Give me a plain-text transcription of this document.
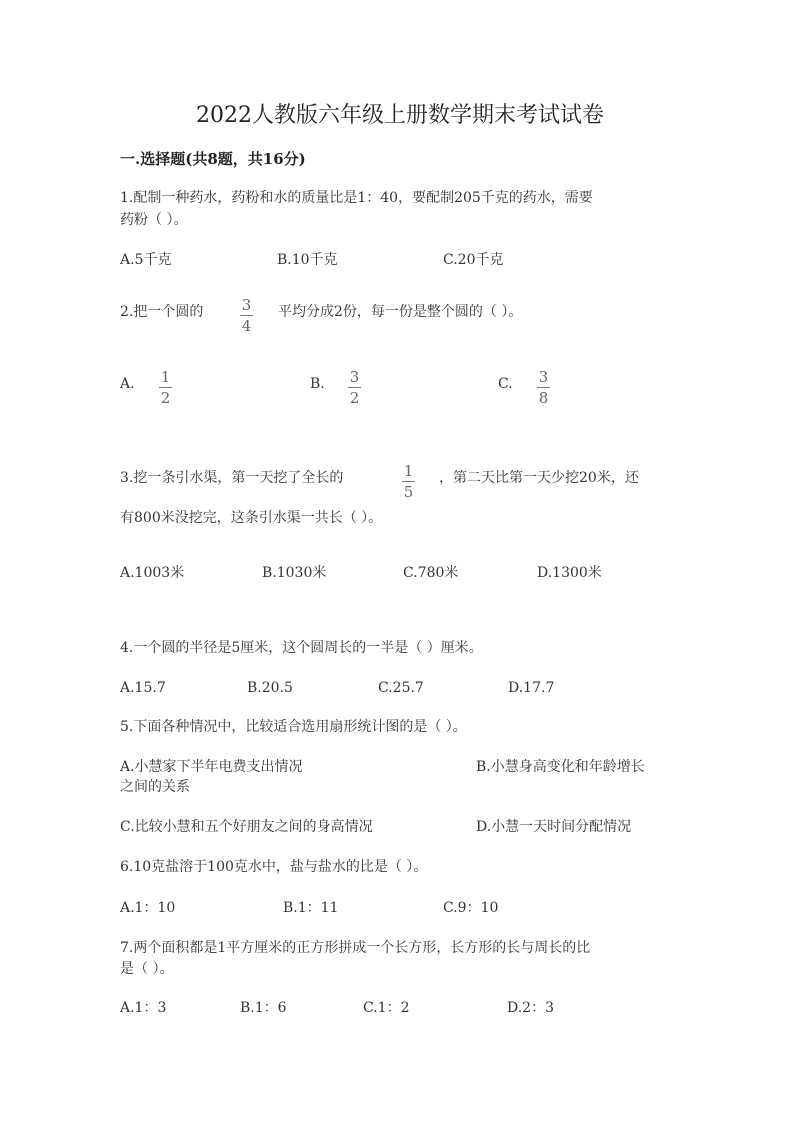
2022人教版六年级上册数学期末考试试卷
一.选择题(共8题，共16分)
1.配制一种药水，药粉和水的质量比是1：40，要配制205千克的药水，需要
药粉（ ）。
A.5千克	B.10千克	C.20千克
2.把一个圆的	3
4
平均分成2份，每一份是整个圆的（ ）。
A. 1
2
B. 3
2
C. 3
8
3.挖一条引水渠，第一天挖了全长的	1
5
，第二天比第一天少挖20米，还
有800米没挖完，这条引水渠一共长（ ）。
A.1003米	B.1030米	C.780米	D.1300米
4.一个圆的半径是5厘米，这个圆周长的一半是（ ）厘米。
A.15.7	B.20.5	C.25.7	D.17.7
5.下面各种情况中，比较适合选用扇形统计图的是（ ）。
A.小慧家下半年电费支出情况	B.小慧身高变化和年龄增长
之间的关系
C.比较小慧和五个好朋友之间的身高情况	D.小慧一天时间分配情况
6.10克盐溶于100克水中，盐与盐水的比是（ ）。
A.1：10	B.1：11	C.9：10
7.两个面积都是1平方厘米的正方形拼成一个长方形，长方形的长与周长的比
是（ ）。
A.1：3	B.1：6	C.1：2	D.2：3
